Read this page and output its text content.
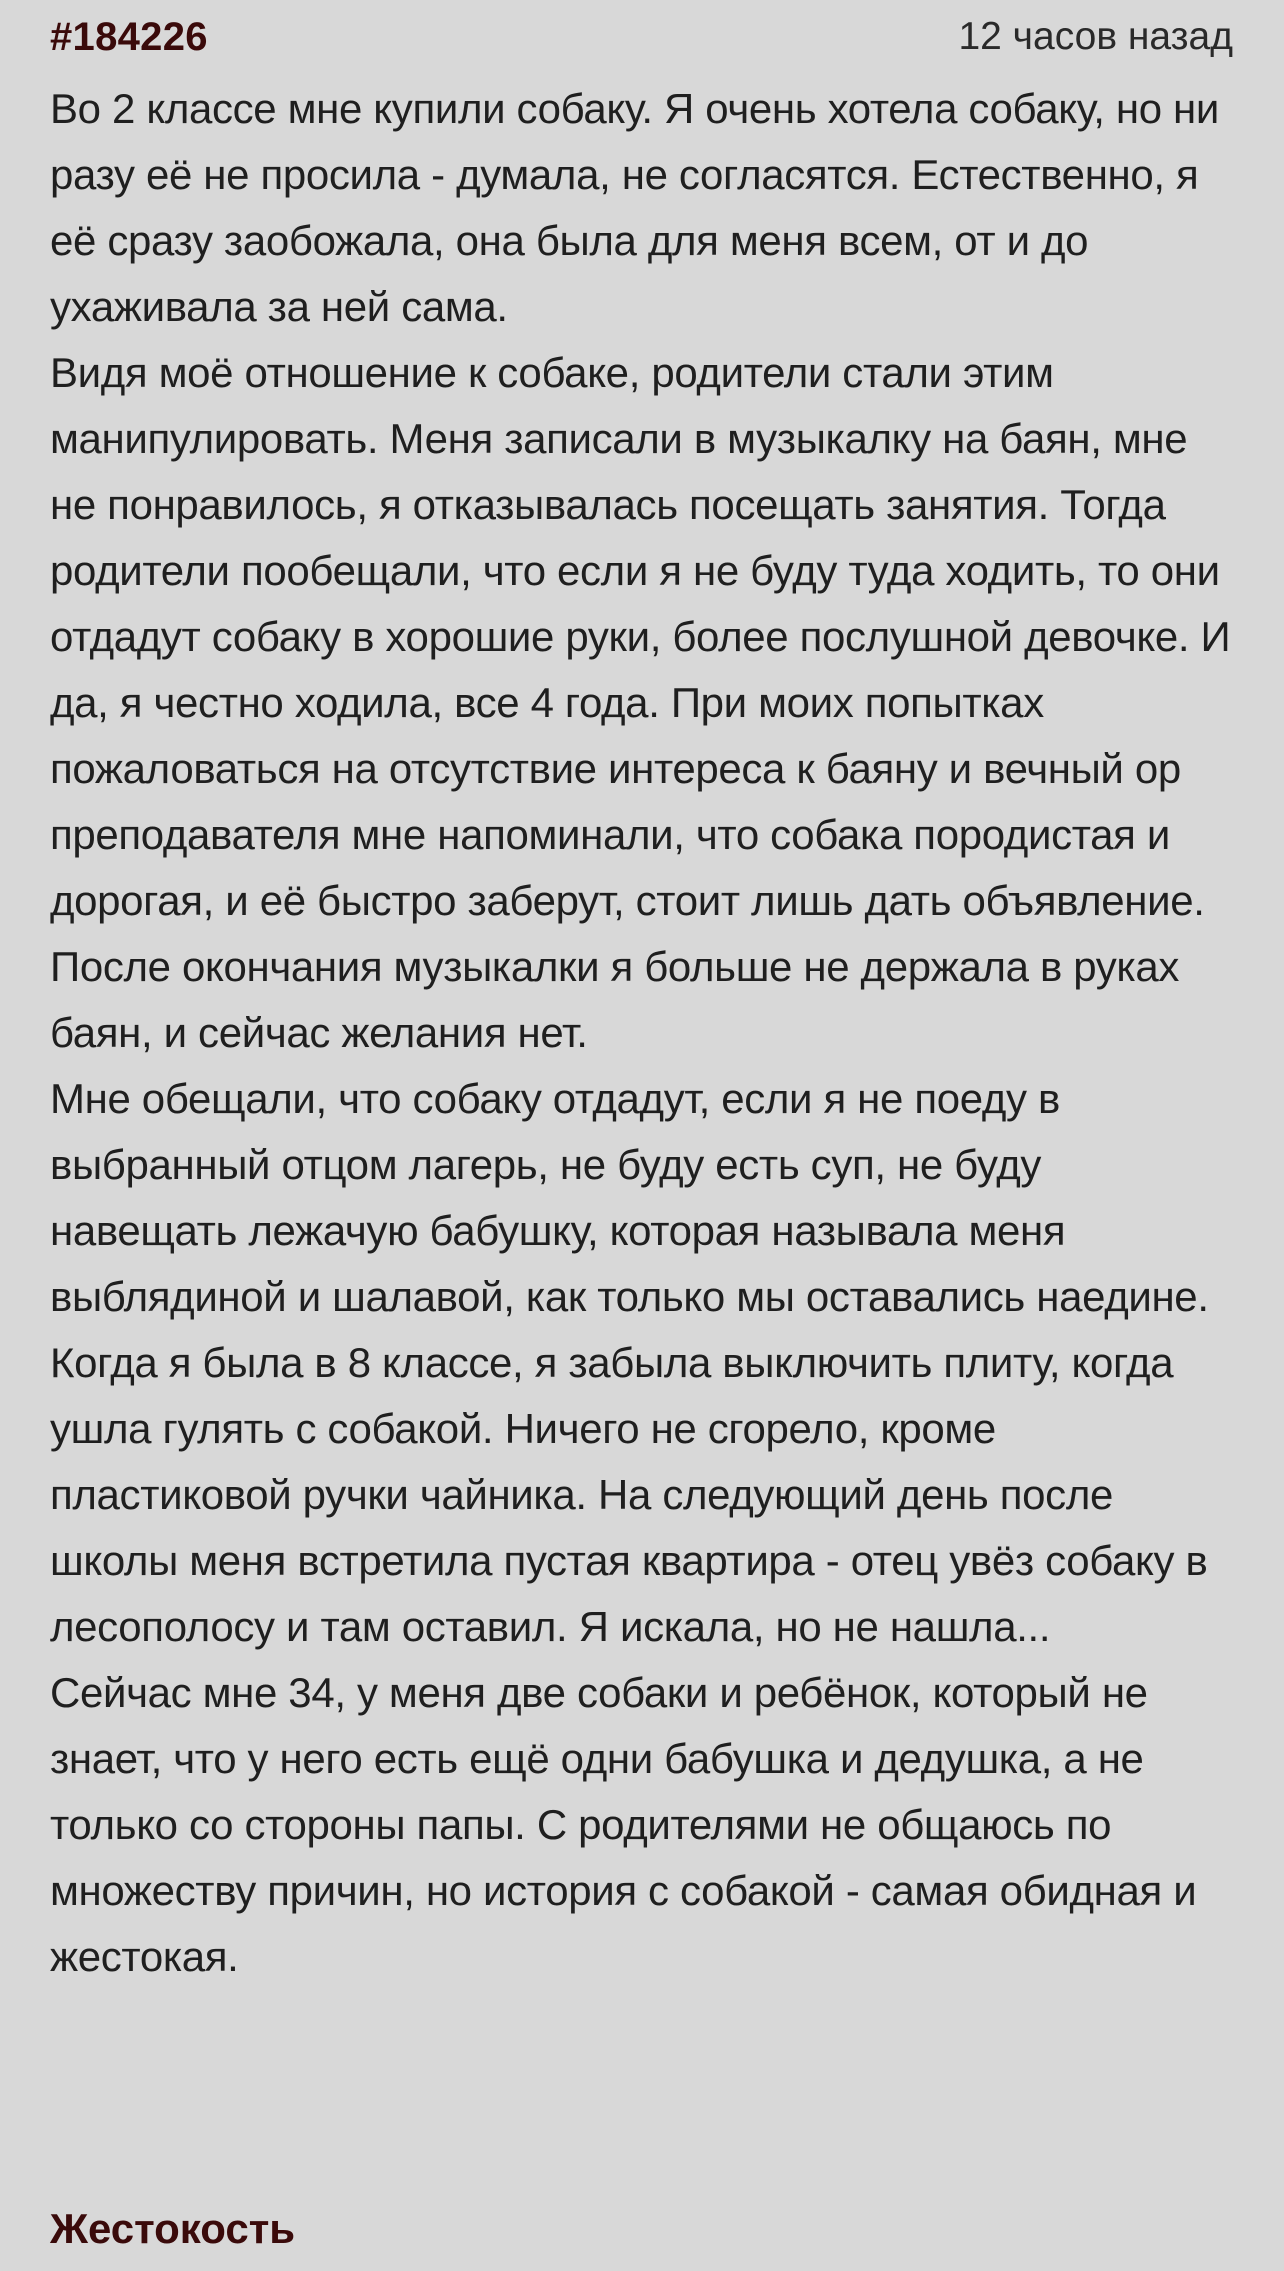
#184226	12 часов назад

Во 2 классе мне купили собаку. Я очень хотела собаку, но ни разу её не просила - думала, не согласятся. Естественно, я её сразу заобожала, она была для меня всем, от и до ухаживала за ней сама.

Видя моё отношение к собаке, родители стали этим манипулировать. Меня записали в музыкалку на баян, мне не понравилось, я отказывалась посещать занятия. Тогда родители пообещали, что если я не буду туда ходить, то они отдадут собаку в хорошие руки, более послушной девочке. И да, я честно ходила, все 4 года. При моих попытках пожаловаться на отсутствие интереса к баяну и вечный ор преподавателя мне напоминали, что собака породистая и дорогая, и её быстро заберут, стоит лишь дать объявление. После окончания музыкалки я больше не держала в руках баян, и сейчас желания нет.

Мне обещали, что собаку отдадут, если я не поеду в выбранный отцом лагерь, не буду есть суп, не буду навещать лежачую бабушку, которая называла меня выблядиной и шалавой, как только мы оставались наедине.

Когда я была в 8 классе, я забыла выключить плиту, когда ушла гулять с собакой. Ничего не сгорело, кроме пластиковой ручки чайника. На следующий день после школы меня встретила пустая квартира - отец увёз собаку в лесополосу и там оставил. Я искала, но не нашла...

Сейчас мне 34, у меня две собаки и ребёнок, который не знает, что у него есть ещё одни бабушка и дедушка, а не только со стороны папы. С родителями не общаюсь по множеству причин, но история с собакой - самая обидная и жестокая.

Жестокость
